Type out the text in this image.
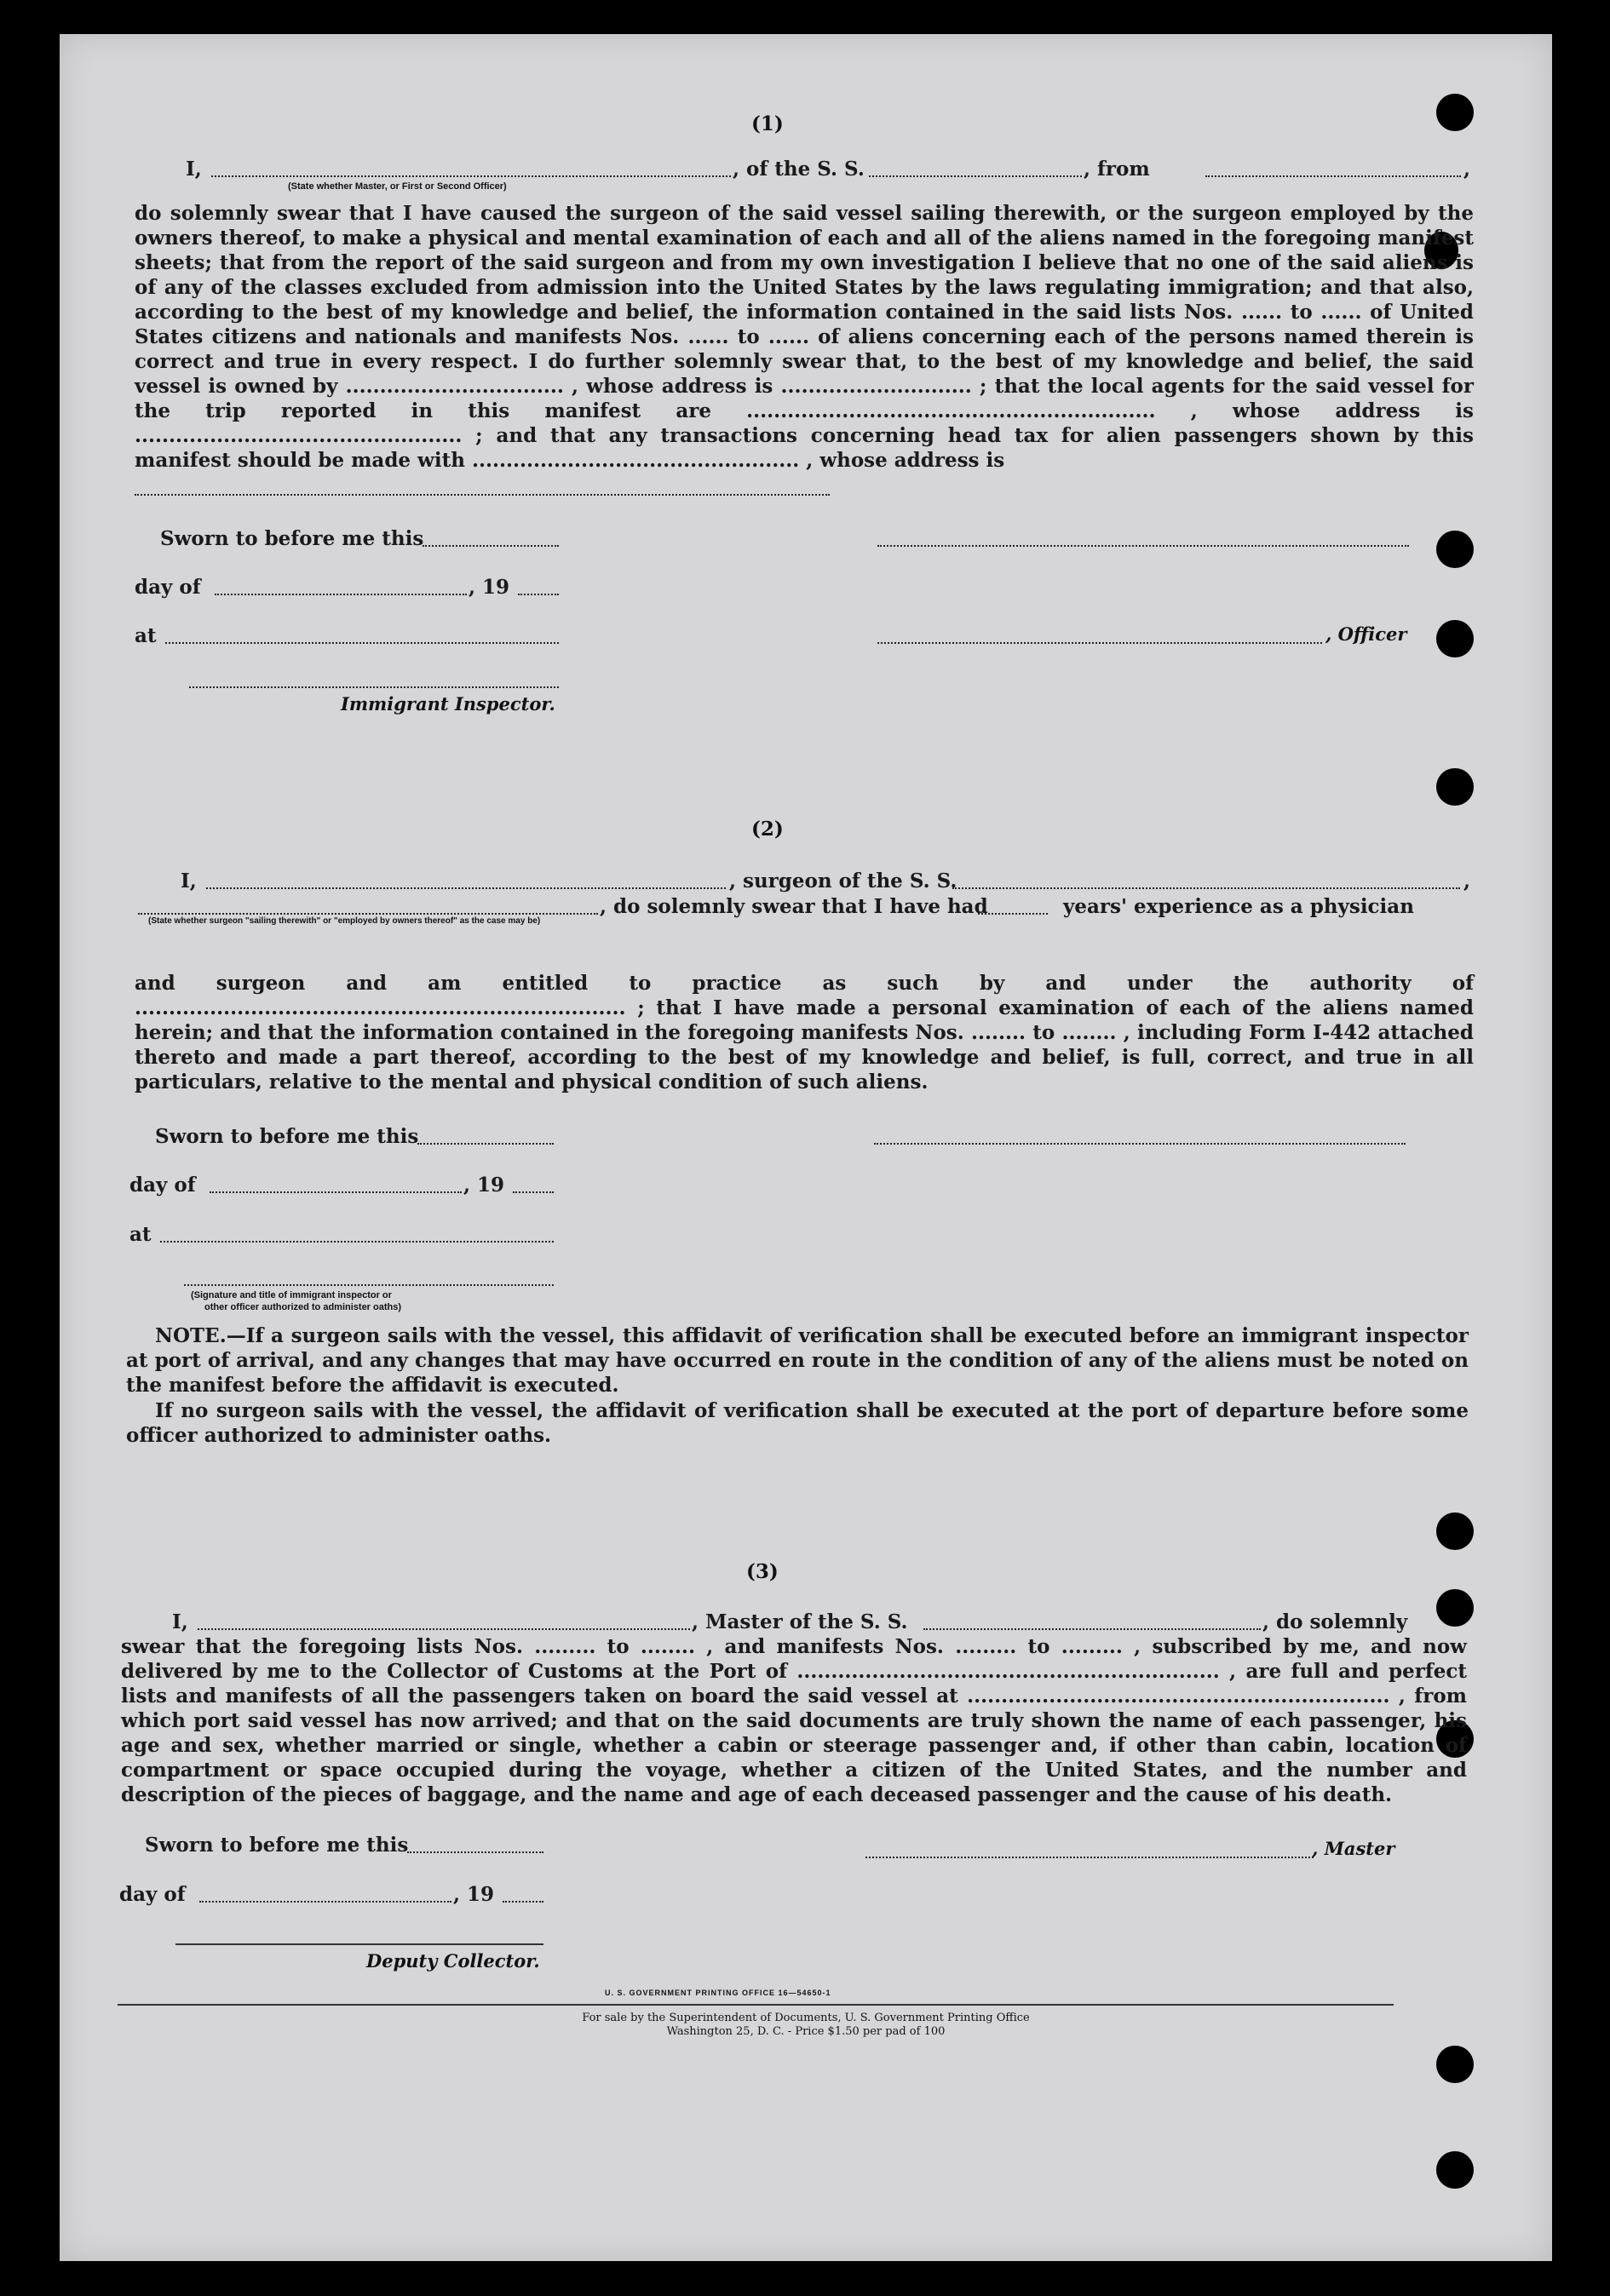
(1)
I,	, of the S. S.	, from	,
(State whether Master, or First or Second Officer)
do solemnly swear that I have caused the surgeon of the said vessel sailing therewith, or the surgeon employed by the owners thereof, to make a physical and mental examination of each and all of the aliens named in the foregoing manifest sheets; that from the report of the said surgeon and from my own investigation I believe that no one of the said aliens is of any of the classes excluded from admission into the United States by the laws regulating immigration; and that also, according to the best of my knowledge and belief, the information contained in the said lists Nos. ...... to ...... of United States citizens and nationals and manifests Nos. ...... to ...... of aliens concerning each of the persons named therein is correct and true in every respect. I do further solemnly swear that, to the best of my knowledge and belief, the said vessel is owned by ................................ , whose address is ............................ ; that the local agents for the said vessel for the trip reported in this manifest are ............................................................ , whose address is ................................................ ; and that any transactions concerning head tax for alien passengers shown by this manifest should be made with ................................................ , whose address is
Sworn to before me this
day of	, 19
at
Immigrant Inspector.
, Officer
(2)
I,	, surgeon of the S. S.	,
, do solemnly swear that I have had	years' experience as a physician
(State whether surgeon "sailing therewith" or "employed by owners thereof" as the case may be)
and surgeon and am entitled to practice as such by and under the authority of ........................................................................ ; that I have made a personal examination of each of the aliens named herein; and that the information contained in the foregoing manifests Nos. ........ to ........ , including Form I-442 attached thereto and made a part thereof, according to the best of my knowledge and belief, is full, correct, and true in all particulars, relative to the mental and physical condition of such aliens.
Sworn to before me this
day of	, 19
at
(Signature and title of immigrant inspector or
other officer authorized to administer oaths)
NOTE.—If a surgeon sails with the vessel, this affidavit of verification shall be executed before an immigrant inspector at port of arrival, and any changes that may have occurred en route in the condition of any of the aliens must be noted on the manifest before the affidavit is executed.
If no surgeon sails with the vessel, the affidavit of verification shall be executed at the port of departure before some officer authorized to administer oaths.
(3)
I,	, Master of the S. S.	, do solemnly
swear that the foregoing lists Nos. ......... to ........ , and manifests Nos. ......... to ......... , subscribed by me, and now delivered by me to the Collector of Customs at the Port of .............................................................. , are full and perfect lists and manifests of all the passengers taken on board the said vessel at .............................................................. , from which port said vessel has now arrived; and that on the said documents are truly shown the name of each passenger, his age and sex, whether married or single, whether a cabin or steerage passenger and, if other than cabin, location of compartment or space occupied during the voyage, whether a citizen of the United States, and the number and description of the pieces of baggage, and the name and age of each deceased passenger and the cause of his death.
Sworn to before me this
day of	, 19
Deputy Collector.
, Master
U. S. GOVERNMENT PRINTING OFFICE 16—54650-1
For sale by the Superintendent of Documents, U. S. Government Printing Office
Washington 25, D. C. - Price $1.50 per pad of 100
